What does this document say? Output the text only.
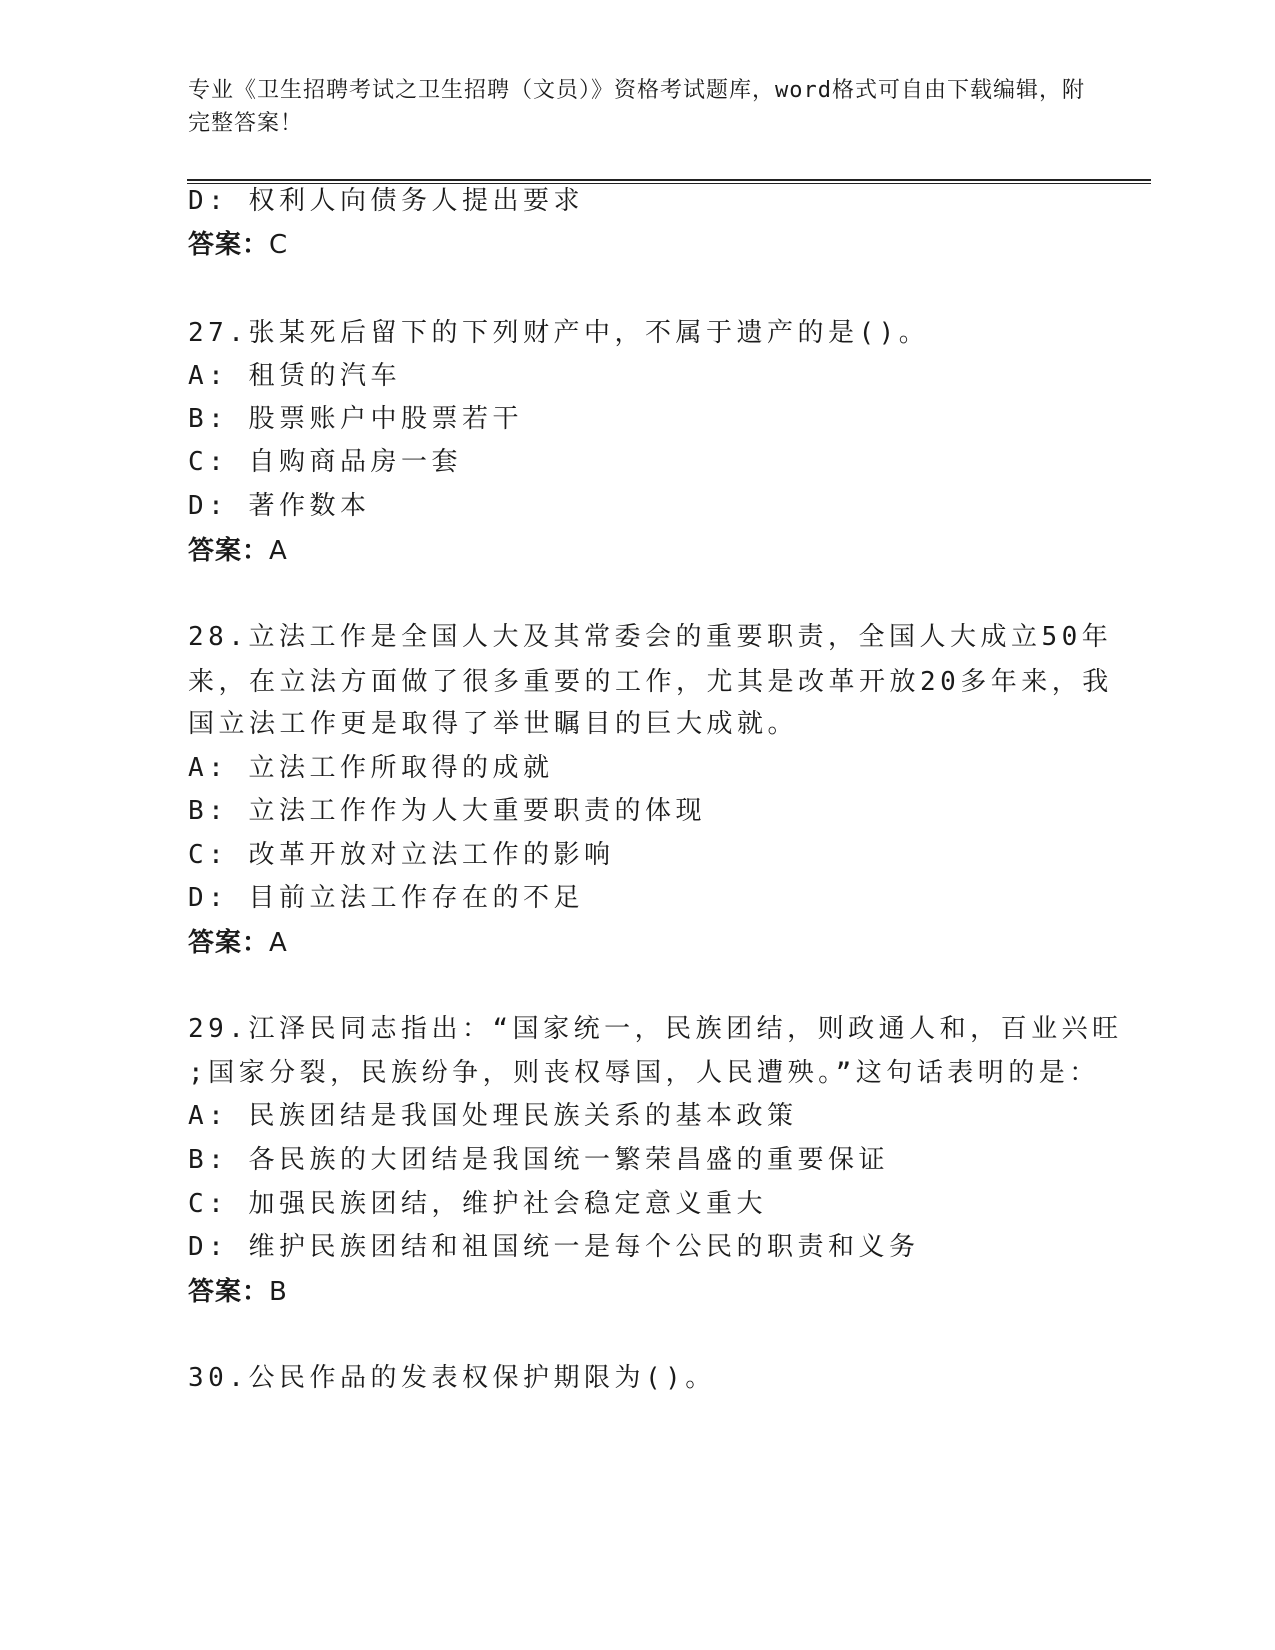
专业《卫生招聘考试之卫生招聘（文员）》资格考试题库，word格式可自由下载编辑，附完整答案！
D: 权利人向债务人提出要求
答案：C
27.张某死后留下的下列财产中，不属于遗产的是()。
A: 租赁的汽车
B: 股票账户中股票若干
C: 自购商品房一套
D: 著作数本
答案：A
28.立法工作是全国人大及其常委会的重要职责，全国人大成立50年
来，在立法方面做了很多重要的工作，尤其是改革开放20多年来，我
国立法工作更是取得了举世瞩目的巨大成就。
A: 立法工作所取得的成就
B: 立法工作作为人大重要职责的体现
C: 改革开放对立法工作的影响
D: 目前立法工作存在的不足
答案：A
29.江泽民同志指出：“国家统一，民族团结，则政通人和，百业兴旺
;国家分裂，民族纷争，则丧权辱国，人民遭殃。”这句话表明的是：
A: 民族团结是我国处理民族关系的基本政策
B: 各民族的大团结是我国统一繁荣昌盛的重要保证
C: 加强民族团结，维护社会稳定意义重大
D: 维护民族团结和祖国统一是每个公民的职责和义务
答案：B
30.公民作品的发表权保护期限为()。
